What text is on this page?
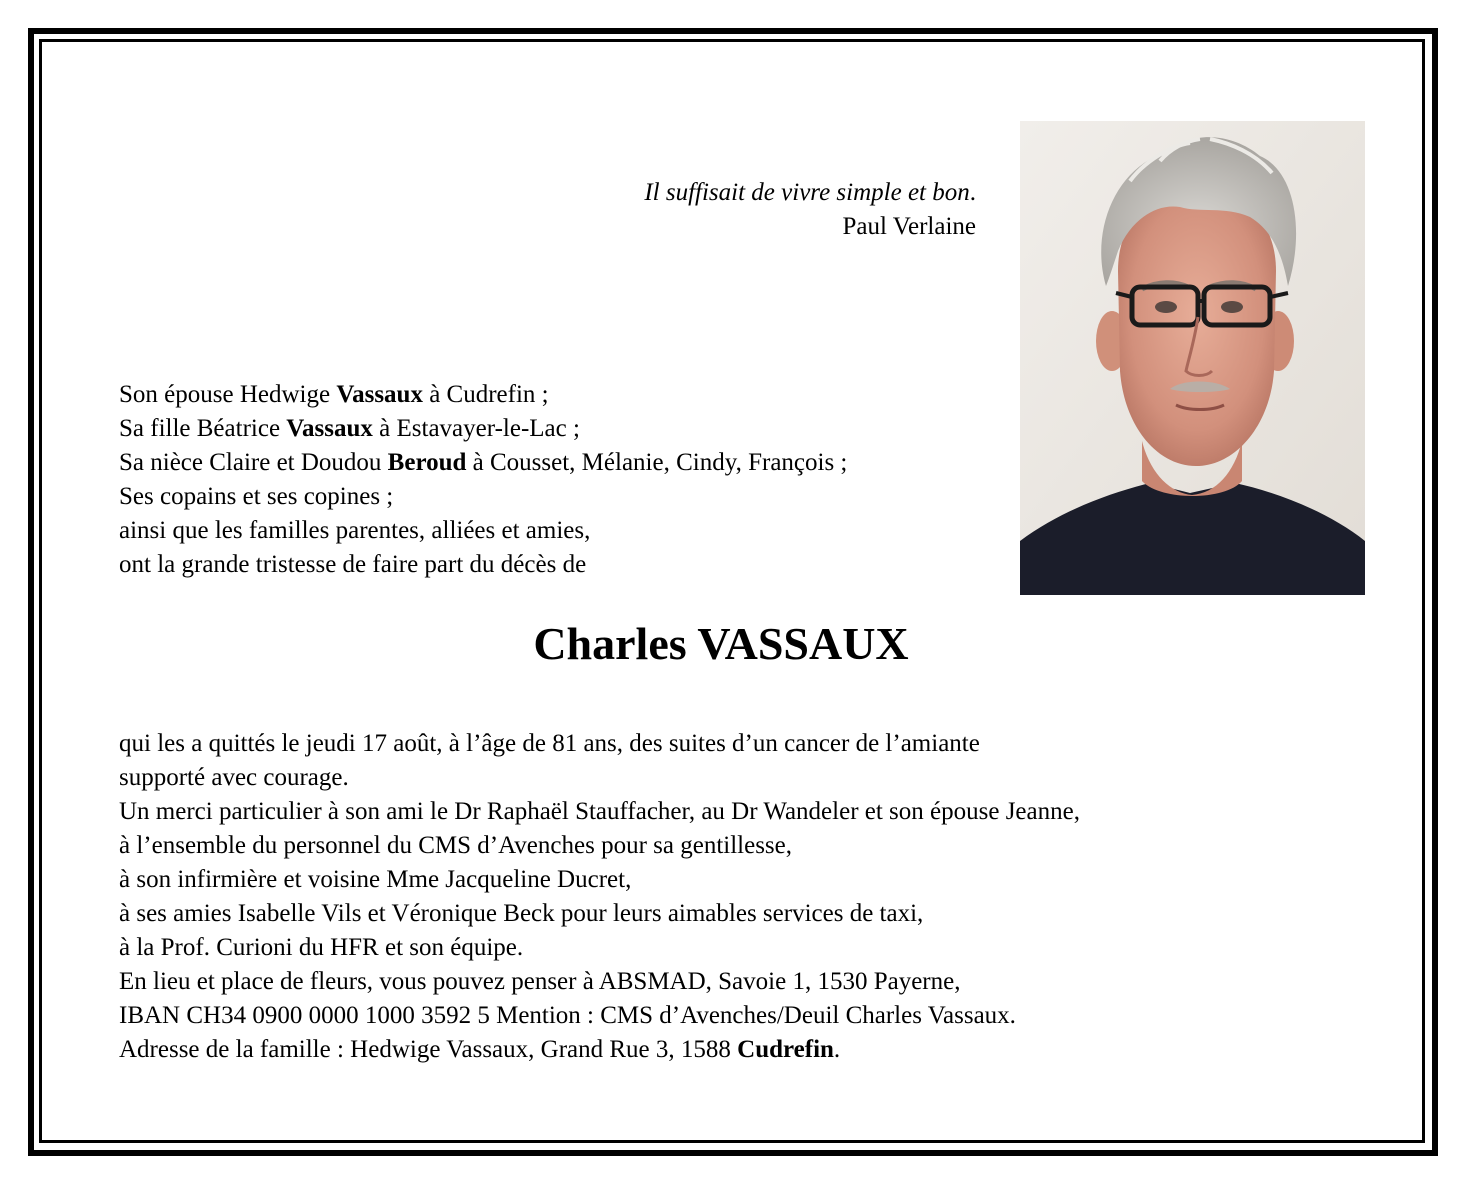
Il suffisait de vivre simple et bon.
Paul Verlaine
Son épouse Hedwige Vassaux à Cudrefin ;
Sa fille Béatrice Vassaux à Estavayer-le-Lac ;
Sa nièce Claire et Doudou Beroud à Cousset, Mélanie, Cindy, François ;
Ses copains et ses copines ;
ainsi que les familles parentes, alliées et amies,
ont la grande tristesse de faire part du décès de
Charles VASSAUX
qui les a quittés le jeudi 17 août, à l’âge de 81 ans, des suites d’un cancer de l’amiante
supporté avec courage.
Un merci particulier à son ami le Dr Raphaël Stauffacher, au Dr Wandeler et son épouse Jeanne,
à l’ensemble du personnel du CMS d’Avenches pour sa gentillesse,
à son infirmière et voisine Mme Jacqueline Ducret,
à ses amies Isabelle Vils et Véronique Beck pour leurs aimables services de taxi,
à la Prof. Curioni du HFR et son équipe.
En lieu et place de fleurs, vous pouvez penser à ABSMAD, Savoie 1, 1530 Payerne,
IBAN CH34 0900 0000 1000 3592 5 Mention : CMS d’Avenches/Deuil Charles Vassaux.
Adresse de la famille : Hedwige Vassaux, Grand Rue 3, 1588 Cudrefin.
